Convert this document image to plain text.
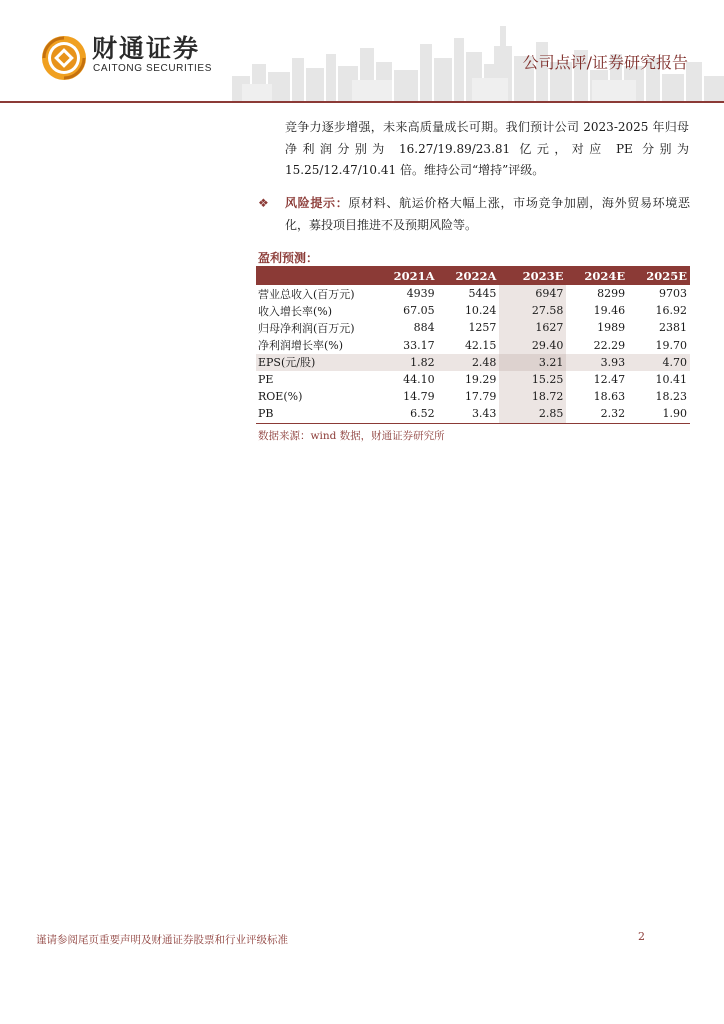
财通证券
CAITONG SECURITIES	公司点评/证券研究报告
竞争力逐步增强，未来高质量成长可期。我们预计公司 2023-2025 年归母净利润分别为 16.27/19.89/23.81 亿元，对应 PE 分别为 15.25/12.47/10.41 倍。维持公司“增持”评级。
❖ 风险提示：原材料、航运价格大幅上涨，市场竞争加剧，海外贸易环境恶化，募投项目推进不及预期风险等。
盈利预测：
	2021A	2022A	2023E	2024E	2025E
营业总收入(百万元)	4939	5445	6947	8299	9703
收入增长率(%)	67.05	10.24	27.58	19.46	16.92
归母净利润(百万元)	884	1257	1627	1989	2381
净利润增长率(%)	33.17	42.15	29.40	22.29	19.70
EPS(元/股)	1.82	2.48	3.21	3.93	4.70
PE	44.10	19.29	15.25	12.47	10.41
ROE(%)	14.79	17.79	18.72	18.63	18.23
PB	6.52	3.43	2.85	2.32	1.90
数据来源：wind 数据，财通证券研究所
谨请参阅尾页重要声明及财通证券股票和行业评级标准	2
